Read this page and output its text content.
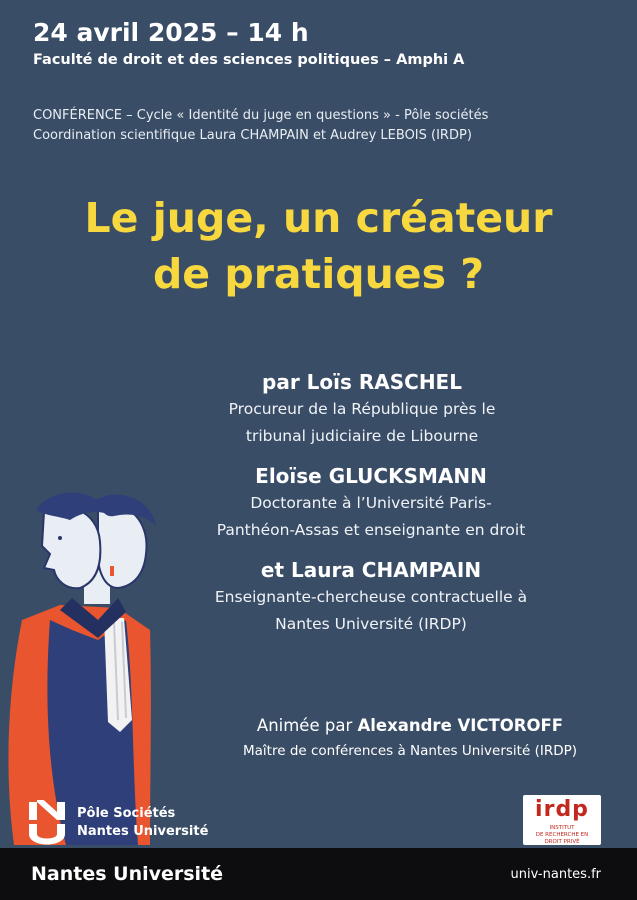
24 avril 2025 – 14 h
Faculté de droit et des sciences politiques – Amphi A
CONFÉRENCE – Cycle « Identité du juge en questions » - Pôle sociétés
Coordination scientifique Laura CHAMPAIN et Audrey LEBOIS (IRDP)
Le juge, un créateur
de pratiques ?
par Loïs RASCHEL
Procureur de la République près le
tribunal judiciaire de Libourne
Eloïse GLUCKSMANN
Doctorante à l’Université Paris-
Panthéon-Assas et enseignante en droit
et Laura CHAMPAIN
Enseignante-chercheuse contractuelle à
Nantes Université (IRDP)
Animée par Alexandre VICTOROFF
Maître de conférences à Nantes Université (IRDP)
Pôle Sociétés
Nantes Université
irdp
INSTITUT
DE RECHERCHE EN DROIT PRIVÉ
Nantes Université	univ-nantes.fr
